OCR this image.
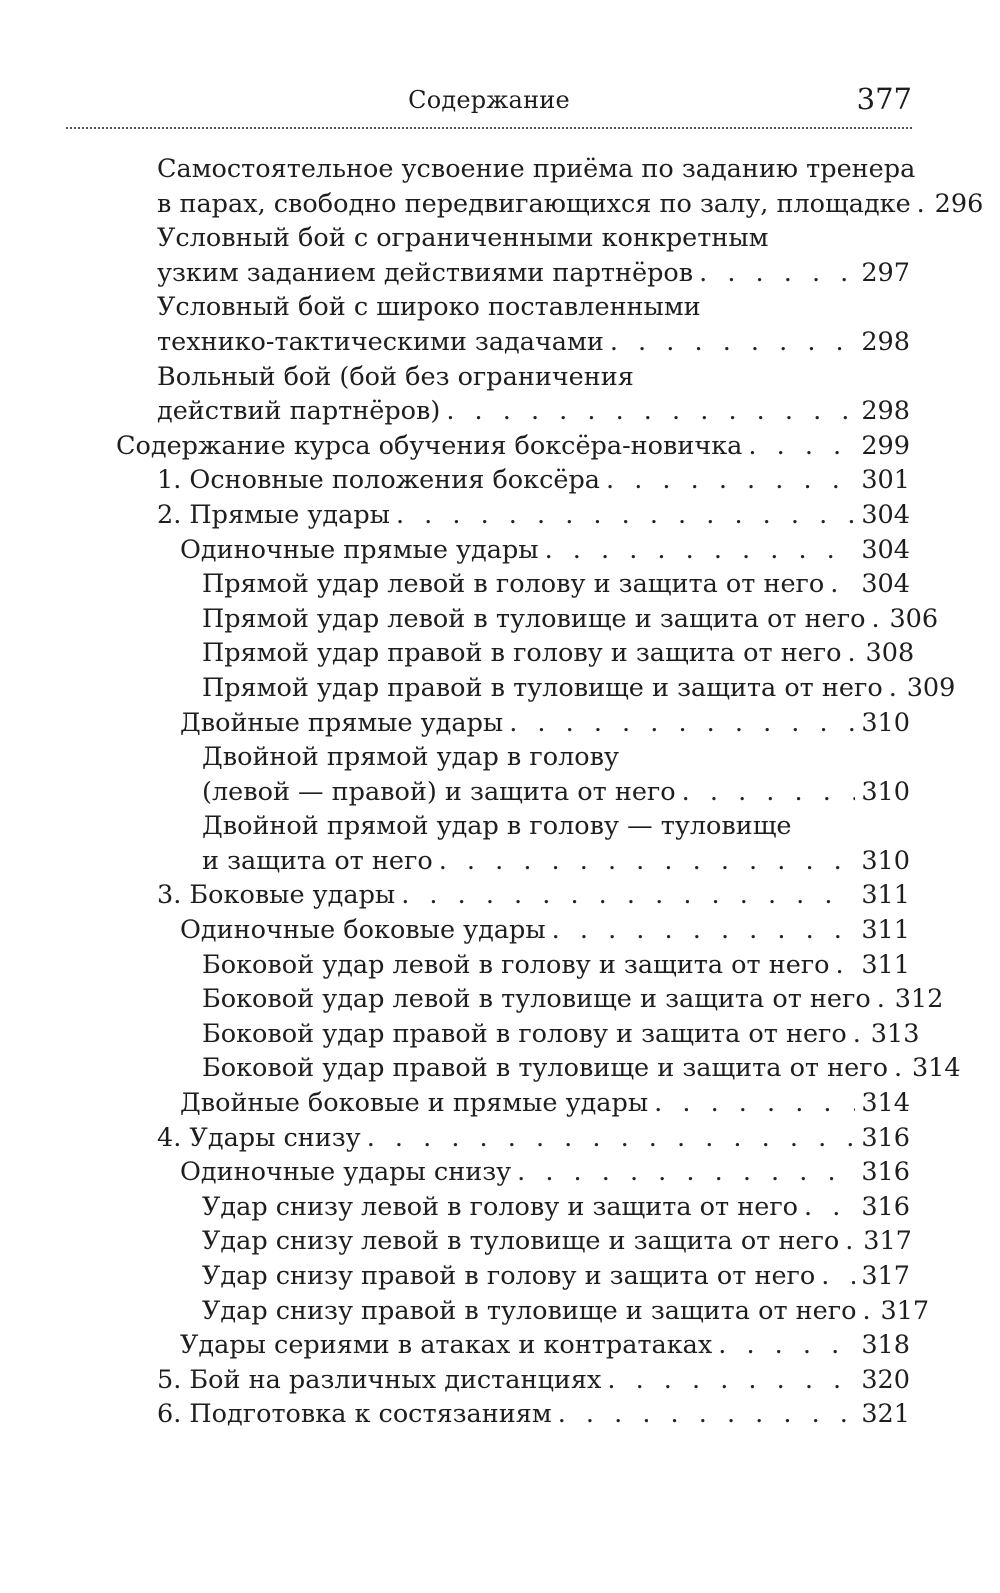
Содержание	377
Самостоятельное усвоение приёма по заданию тренера
в парах, свободно передвигающихся по залу, площадке . . . 296
Условный бой с ограниченными конкретным
узким заданием действиями партнёров . . .	297
Условный бой с широко поставленными
технико-тактическими задачами . . .	298
Вольный бой (бой без ограничения
действий партнёров) . . .	298
Содержание курса обучения боксёра-новичка . . .	299
1. Основные положения боксёра . . .	301
2. Прямые удары . . .	304
Одиночные прямые удары . . .	304
Прямой удар левой в голову и защита от него . . . 304
Прямой удар левой в туловище и защита от него . . . 306
Прямой удар правой в голову и защита от него . . . 308
Прямой удар правой в туловище и защита от него . . . 309
Двойные прямые удары . . .	310
Двойной прямой удар в голову
(левой — правой) и защита от него . . .	310
Двойной прямой удар в голову — туловище
и защита от него . . .	310
3. Боковые удары . . .	311
Одиночные боковые удары . . .	311
Боковой удар левой в голову и защита от него . . . 311
Боковой удар левой в туловище и защита от него . . . 312
Боковой удар правой в голову и защита от него . . . 313
Боковой удар правой в туловище и защита от него . . . 314
Двойные боковые и прямые удары . . .	314
4. Удары снизу . . .	316
Одиночные удары снизу . . .	316
Удар снизу левой в голову и защита от него . . . 316
Удар снизу левой в туловище и защита от него . . . 317
Удар снизу правой в голову и защита от него . . . 317
Удар снизу правой в туловище и защита от него . . . 317
Удары сериями в атаках и контратаках . . .	318
5. Бой на различных дистанциях . . .	320
6. Подготовка к состязаниям . . .	321
